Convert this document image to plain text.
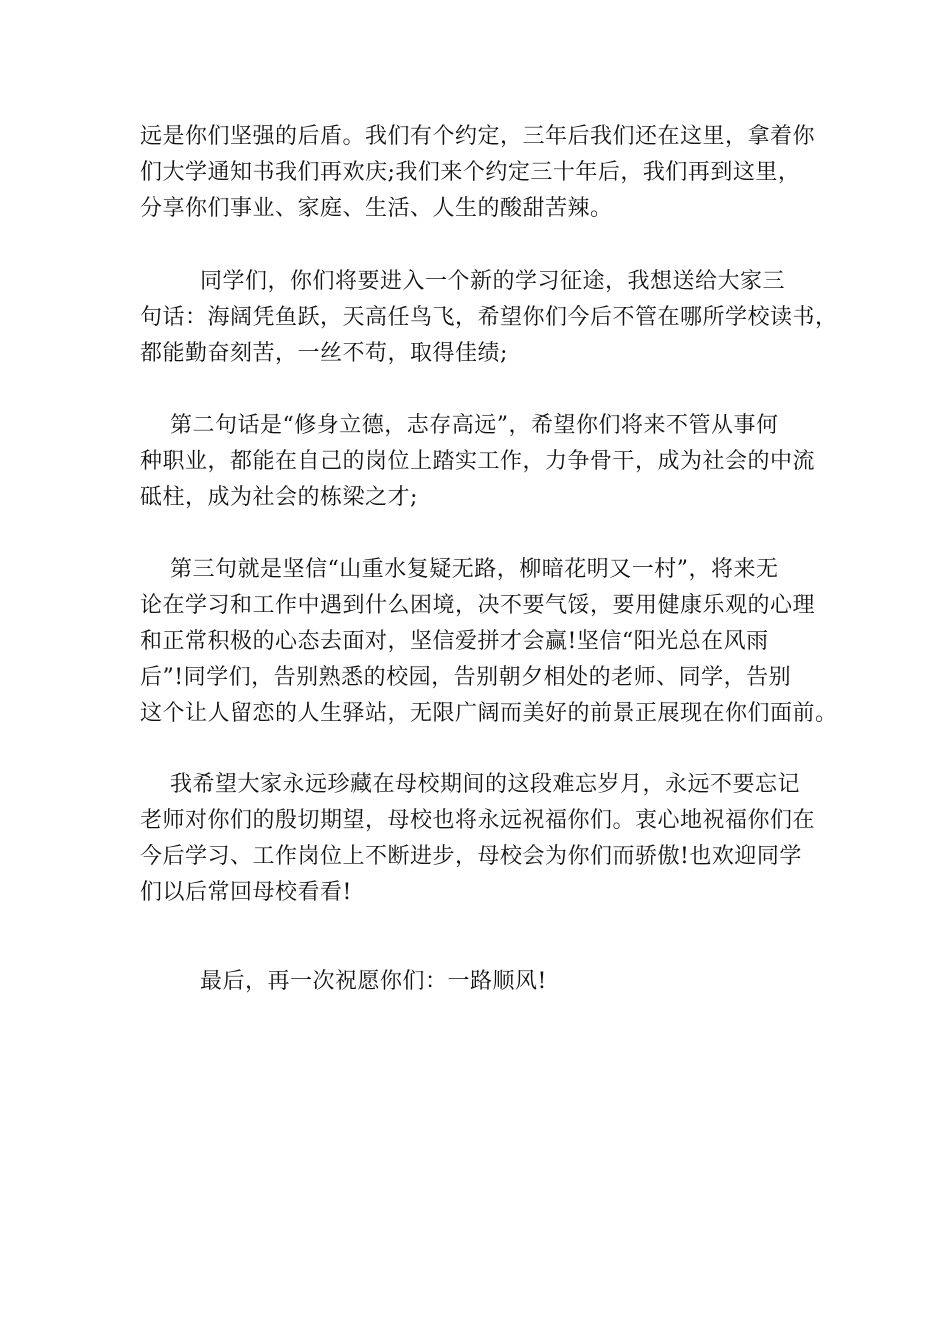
远是你们坚强的后盾。我们有个约定，三年后我们还在这里，拿着你
们大学通知书我们再欢庆;我们来个约定三十年后，我们再到这里，
分享你们事业、家庭、生活、人生的酸甜苦辣。
同学们，你们将要进入一个新的学习征途，我想送给大家三
句话：海阔凭鱼跃，天高任鸟飞，希望你们今后不管在哪所学校读书，
都能勤奋刻苦，一丝不苟，取得佳绩;
第二句话是“修身立德，志存高远”，希望你们将来不管从事何
种职业，都能在自己的岗位上踏实工作，力争骨干，成为社会的中流
砥柱，成为社会的栋梁之才;
第三句就是坚信“山重水复疑无路，柳暗花明又一村”，将来无
论在学习和工作中遇到什么困境，决不要气馁，要用健康乐观的心理
和正常积极的心态去面对，坚信爱拼才会赢!坚信“阳光总在风雨
后”!同学们，告别熟悉的校园，告别朝夕相处的老师、同学，告别
这个让人留恋的人生驿站，无限广阔而美好的前景正展现在你们面前。
我希望大家永远珍藏在母校期间的这段难忘岁月，永远不要忘记
老师对你们的殷切期望，母校也将永远祝福你们。衷心地祝福你们在
今后学习、工作岗位上不断进步，母校会为你们而骄傲!也欢迎同学
们以后常回母校看看!
最后，再一次祝愿你们：一路顺风!
